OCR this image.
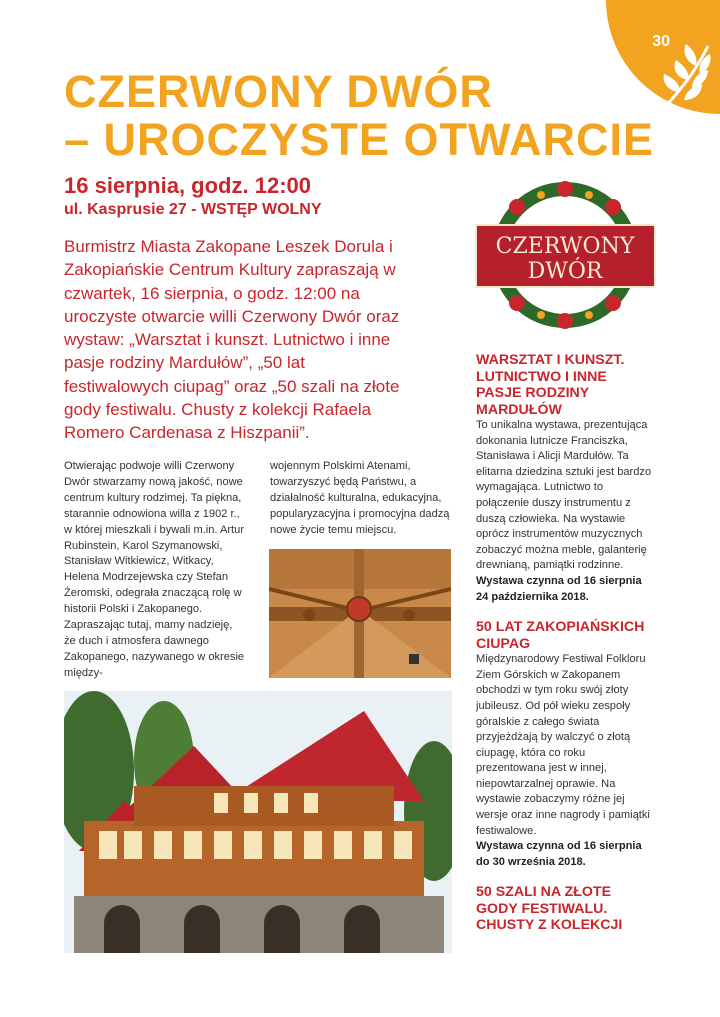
30
CZERWONY DWÓR
– UROCZYSTE OTWARCIE
16 sierpnia, godz. 12:00
ul. Kasprusie 27 - WSTĘP WOLNY

Burmistrz Miasta Zakopane Leszek Dorula i Zakopiańskie Centrum Kultury zapraszają w czwartek, 16 sierpnia, o godz. 12:00 na uroczyste otwarcie willi Czerwony Dwór oraz wystaw: „Warsztat i kunszt. Lutnictwo i inne pasje rodziny Mardułów”, „50 lat festiwalowych ciupag” oraz „50 szali na złote gody festiwalu. Chusty z kolekcji Rafaela Romero Cardenasa z Hiszpanii”.

Otwierając podwoje willi Czerwony Dwór stwarzamy nową jakość, nowe centrum kultury rodzimej. Ta piękna, starannie odnowiona willa z 1902 r., w której mieszkali i bywali m.in. Artur Rubinstein, Karol Szymanowski, Stanisław Witkiewicz, Witkacy, Helena Modrzejewska czy Stefan Żeromski, odegrała znaczącą rolę w historii Polski i Zakopanego. Zapraszając tutaj, mamy nadzieję, że duch i atmosfera dawnego Zakopanego, nazywanego w okresie między-

wojennym Polskimi Atenami, towarzyszyć będą Państwu, a działalność kulturalna, edukacyjna, popularyzacyjna i promocyjna dadzą nowe życie temu miejscu.

CZERWONY
DWÓR
WARSZTAT I KUNSZT. LUTNICTWO I INNE PASJE RODZINY MARDUŁÓW

To unikalna wystawa, prezentująca dokonania lutnicze Franciszka, Stanisława i Alicji Mardułów. Ta elitarna dziedzina sztuki jest bardzo wymagająca. Lutnictwo to połączenie duszy instrumentu z duszą człowieka. Na wystawie oprócz instrumentów muzycznych zobaczyć można meble, galanterię drewnianą, pamiątki rodzinne.

Wystawa czynna od 16 sierpnia 24 października 2018.

50 LAT ZAKOPIAŃSKICH CIUPAG

Międzynarodowy Festiwal Folkloru Ziem Górskich w Zakopanem obchodzi w tym roku swój złoty jubileusz. Od pół wieku zespoły góralskie z całego świata przyjeżdżają by walczyć o złotą ciupagę, która co roku prezentowana jest w innej, niepowtarzalnej oprawie. Na wystawie zobaczymy różne jej wersje oraz inne nagrody i pamiątki festiwalowe.

Wystawa czynna od 16 sierpnia do 30 września 2018.

50 SZALI NA ZŁOTE GODY FESTIWALU. CHUSTY Z KOLEKCJI
